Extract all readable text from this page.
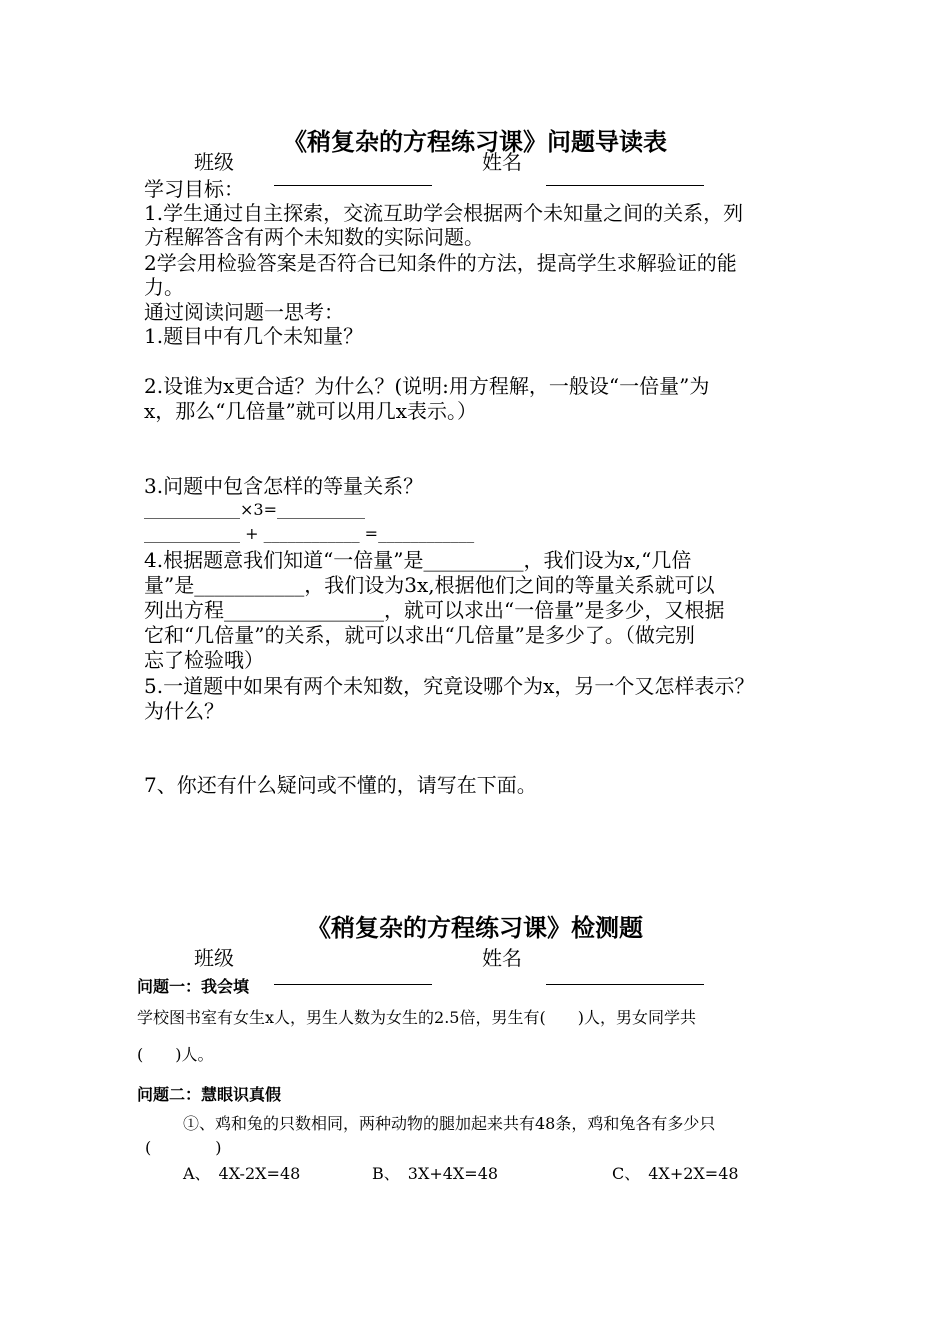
《稍复杂的方程练习课》问题导读表
班级	姓名
学习目标：
1.学生通过自主探索，交流互助学会根据两个未知量之间的关系，列
方程解答含有两个未知数的实际问题。
2学会用检验答案是否符合已知条件的方法，提高学生求解验证的能
力。
通过阅读问题一思考：
1.题目中有几个未知量？
2.设谁为x更合适？为什么？(说明:用方程解，一般设“一倍量”为
x，那么“几倍量”就可以用几x表示。）
3.问题中包含怎样的等量关系？
____________×3=___________
____________ + ____________ =____________
4.根据题意我们知道“一倍量”是__________，我们设为x,“几倍
量”是___________，我们设为3x,根据他们之间的等量关系就可以
列出方程________________，就可以求出“一倍量”是多少，又根据
它和“几倍量”的关系，就可以求出“几倍量”是多少了。（做完别
忘了检验哦）
5.一道题中如果有两个未知数，究竟设哪个为x，另一个又怎样表示？
为什么？
7、你还有什么疑问或不懂的，请写在下面。
《稍复杂的方程练习课》检测题
班级	姓名
问题一：我会填
学校图书室有女生x人，男生人数为女生的2.5倍，男生有(　　)人，男女同学共
(　　)人。
问题二：慧眼识真假
①、鸡和兔的只数相同，两种动物的腿加起来共有48条，鸡和兔各有多少只
(　　　　)
A、　4X-2X=48	B、　3X+4X=48	C、　4X+2X=48
